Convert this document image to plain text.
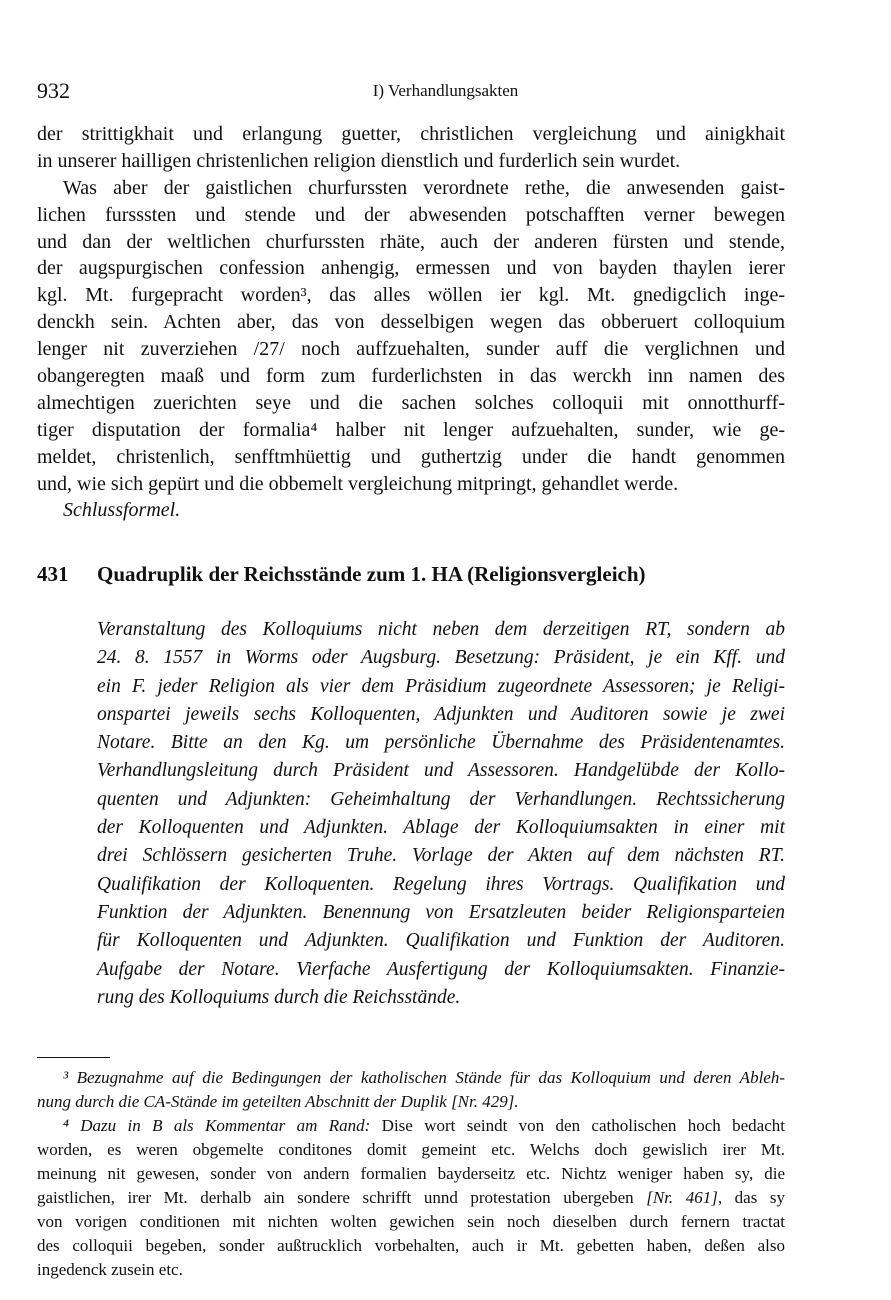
932	I) Verhandlungsakten
der strittigkhait und erlangung guetter, christlichen vergleichung und ainigkhait
in unserer hailligen christenlichen religion dienstlich und furderlich sein wurdet.
Was aber der gaistlichen churfurssten verordnete rethe, die anwesenden gaist-
lichen fursssten und stende und der abwesenden potschafften verner bewegen
und dan der weltlichen churfurssten rhäte, auch der anderen fürsten und stende,
der augspurgischen confession anhengig, ermessen und von bayden thaylen ierer
kgl. Mt. furgepracht worden³, das alles wöllen ier kgl. Mt. gnedigclich inge-
denckh sein. Achten aber, das von desselbigen wegen das obberuert colloquium
lenger nit zuverziehen /27/ noch auffzuehalten, sunder auff die verglichnen und
obangeregten maaß und form zum furderlichsten in das werckh inn namen des
almechtigen zuerichten seye und die sachen solches colloquii mit onnotthurff-
tiger disputation der formalia⁴ halber nit lenger aufzuehalten, sunder, wie ge-
meldet, christenlich, senfftmhüettig und guthertzig under die handt genommen
und, wie sich gepürt und die obbemelt vergleichung mitpringt, gehandlet werde.
Schlussformel.
431 Quadruplik der Reichsstände zum 1. HA (Religionsvergleich)
Veranstaltung des Kolloquiums nicht neben dem derzeitigen RT, sondern ab
24. 8. 1557 in Worms oder Augsburg. Besetzung: Präsident, je ein Kff. und
ein F. jeder Religion als vier dem Präsidium zugeordnete Assessoren; je Religi-
onspartei jeweils sechs Kolloquenten, Adjunkten und Auditoren sowie je zwei
Notare. Bitte an den Kg. um persönliche Übernahme des Präsidentenamtes.
Verhandlungsleitung durch Präsident und Assessoren. Handgelübde der Kollo-
quenten und Adjunkten: Geheimhaltung der Verhandlungen. Rechtssicherung
der Kolloquenten und Adjunkten. Ablage der Kolloquiumsakten in einer mit
drei Schlössern gesicherten Truhe. Vorlage der Akten auf dem nächsten RT.
Qualifikation der Kolloquenten. Regelung ihres Vortrags. Qualifikation und
Funktion der Adjunkten. Benennung von Ersatzleuten beider Religionsparteien
für Kolloquenten und Adjunkten. Qualifikation und Funktion der Auditoren.
Aufgabe der Notare. Vierfache Ausfertigung der Kolloquiumsakten. Finanzie-
rung des Kolloquiums durch die Reichsstände.
³ Bezugnahme auf die Bedingungen der katholischen Stände für das Kolloquium und deren Ableh-
nung durch die CA-Stände im geteilten Abschnitt der Duplik [Nr. 429].
⁴ Dazu in B als Kommentar am Rand: Dise wort seindt von den catholischen hoch bedacht
worden, es weren obgemelte conditones domit gemeint etc. Welchs doch gewislich irer Mt.
meinung nit gewesen, sonder von andern formalien bayderseitz etc. Nichtz weniger haben sy, die
gaistlichen, irer Mt. derhalb ain sondere schrifft unnd protestation ubergeben [Nr. 461], das sy
von vorigen conditionen mit nichten wolten gewichen sein noch dieselben durch fernern tractat
des colloquii begeben, sonder außtrucklich vorbehalten, auch ir Mt. gebetten haben, deßen also
ingedenck zusein etc.
